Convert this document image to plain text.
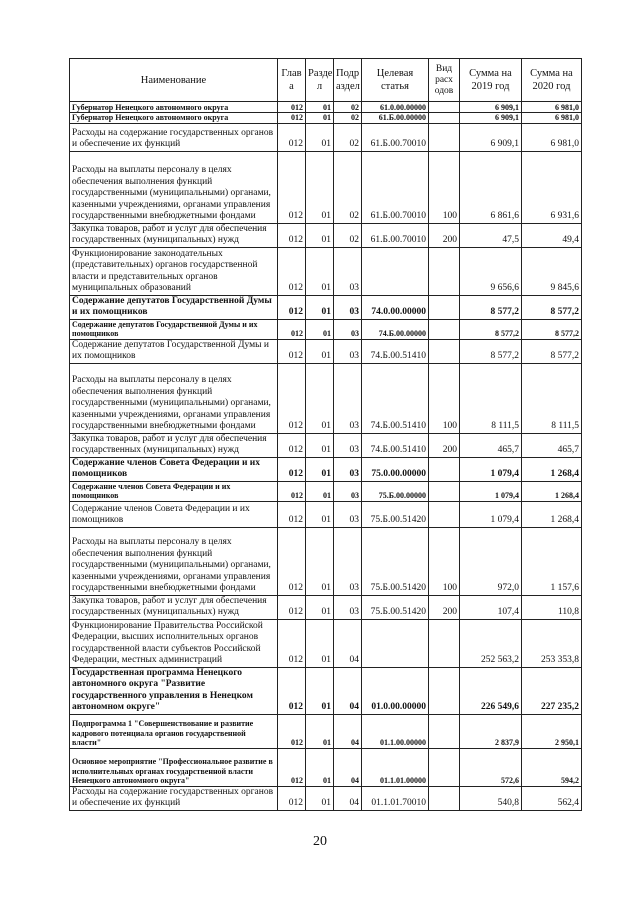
Наименование	Глав а	Разде л	Подр аздел	Целевая статья	Вид расх одов	Сумма на 2019 год	Сумма на 2020 год
Губернатор Ненецкого автономного округа	012	01	02	61.0.00.00000		6 909,1	6 981,0
Губернатор Ненецкого автономного округа	012	01	02	61.Б.00.00000		6 909,1	6 981,0
Расходы на содержание государственных органов и обеспечение их функций	012	01	02	61.Б.00.70010		6 909,1	6 981,0
Расходы на выплаты персоналу в целях обеспечения выполнения функций государственными (муниципальными) органами, казенными учреждениями, органами управления государственными внебюджетными фондами	012	01	02	61.Б.00.70010	100	6 861,6	6 931,6
Закупка товаров, работ и услуг для обеспечения государственных (муниципальных) нужд	012	01	02	61.Б.00.70010	200	47,5	49,4
Функционирование законодательных (представительных) органов государственной власти и представительных органов муниципальных образований	012	01	03			9 656,6	9 845,6
Содержание депутатов Государственной Думы и их помощников	012	01	03	74.0.00.00000		8 577,2	8 577,2
Содержание депутатов Государственной Думы и их помощников	012	01	03	74.Б.00.00000		8 577,2	8 577,2
Содержание депутатов Государственной Думы и их помощников	012	01	03	74.Б.00.51410		8 577,2	8 577,2
Расходы на выплаты персоналу в целях обеспечения выполнения функций государственными (муниципальными) органами, казенными учреждениями, органами управления государственными внебюджетными фондами	012	01	03	74.Б.00.51410	100	8 111,5	8 111,5
Закупка товаров, работ и услуг для обеспечения государственных (муниципальных) нужд	012	01	03	74.Б.00.51410	200	465,7	465,7
Содержание членов Совета Федерации и их помощников	012	01	03	75.0.00.00000		1 079,4	1 268,4
Содержание членов Совета Федерации и их помощников	012	01	03	75.Б.00.00000		1 079,4	1 268,4
Содержание членов Совета Федерации и их помощников	012	01	03	75.Б.00.51420		1 079,4	1 268,4
Расходы на выплаты персоналу в целях обеспечения выполнения функций государственными (муниципальными) органами, казенными учреждениями, органами управления государственными внебюджетными фондами	012	01	03	75.Б.00.51420	100	972,0	1 157,6
Закупка товаров, работ и услуг для обеспечения государственных (муниципальных) нужд	012	01	03	75.Б.00.51420	200	107,4	110,8
Функционирование Правительства Российской Федерации, высших исполнительных органов государственной власти субъектов Российской Федерации, местных администраций	012	01	04			252 563,2	253 353,8
Государственная программа Ненецкого автономного округа "Развитие государственного управления в Ненецком автономном округе"	012	01	04	01.0.00.00000		226 549,6	227 235,2
Подпрограмма 1 "Совершенствование и развитие кадрового потенциала органов государственной власти"	012	01	04	01.1.00.00000		2 837,9	2 950,1
Основное мероприятие "Профессиональное развитие в исполнительных органах государственной власти Ненецкого автономного округа"	012	01	04	01.1.01.00000		572,6	594,2
Расходы на содержание государственных органов и обеспечение их функций	012	01	04	01.1.01.70010		540,8	562,4
20
